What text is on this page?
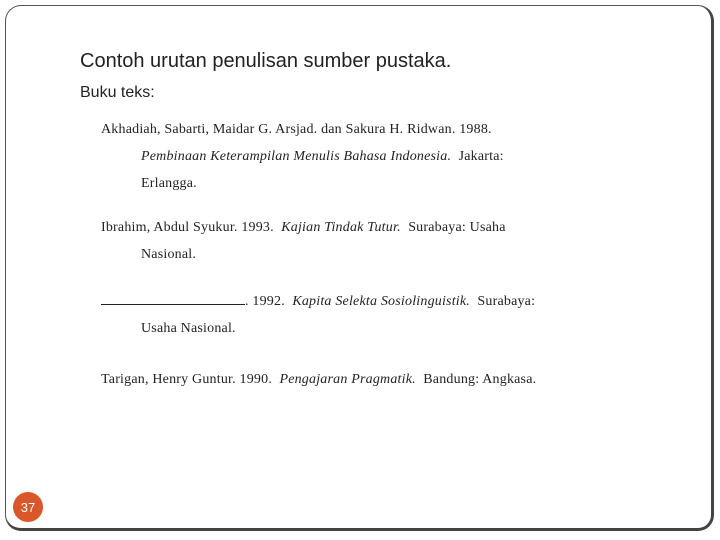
Contoh urutan penulisan sumber pustaka.
Buku teks:
Akhadiah, Sabarti, Maidar G. Arsjad. dan Sakura H. Ridwan. 1988.
Pembinaan Keterampilan Menulis Bahasa Indonesia. Jakarta:
Erlangga.
Ibrahim, Abdul Syukur. 1993. Kajian Tindak Tutur. Surabaya: Usaha
Nasional.
. 1992. Kapita Selekta Sosiolinguistik. Surabaya:
Usaha Nasional.
Tarigan, Henry Guntur. 1990. Pengajaran Pragmatik. Bandung: Angkasa.
37
